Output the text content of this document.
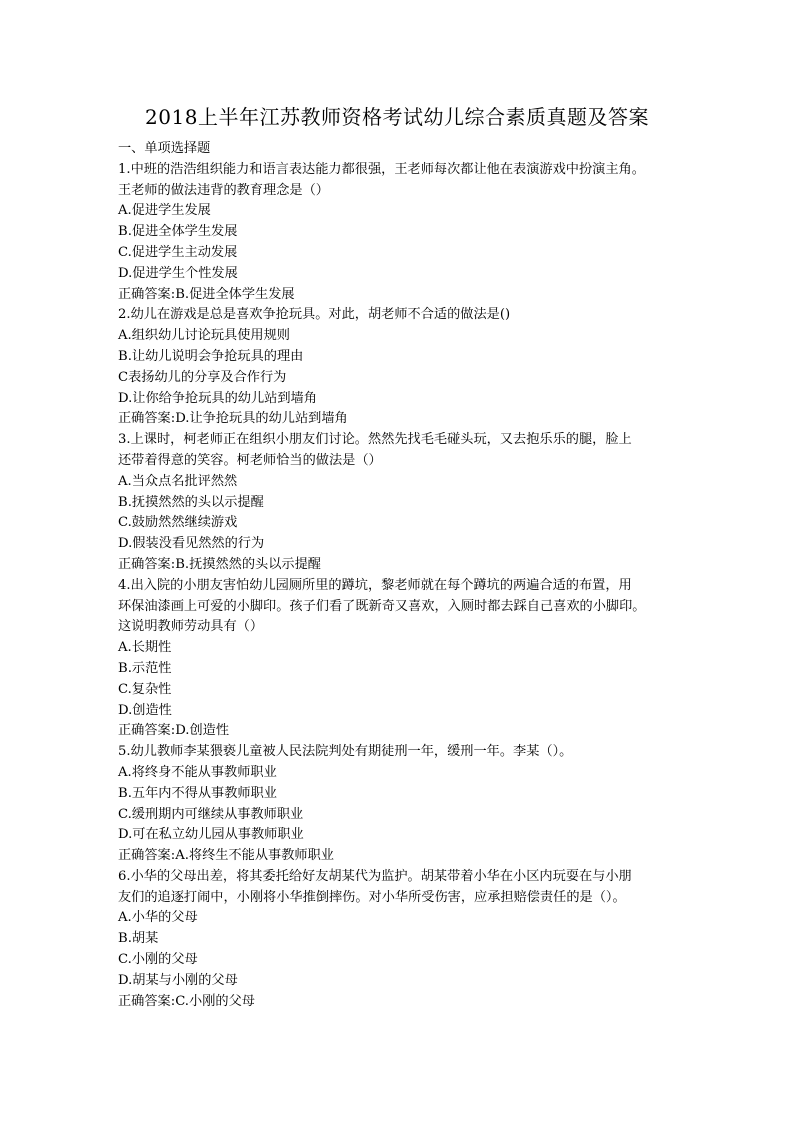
2018上半年江苏教师资格考试幼儿综合素质真题及答案
一、单项选择题
1.中班的浩浩组织能力和语言表达能力都很强，王老师每次都让他在表演游戏中扮演主角。
王老师的做法违背的教育理念是（）
A.促进学生发展
B.促进全体学生发展
C.促进学生主动发展
D.促进学生个性发展
正确答案:B.促进全体学生发展
2.幼儿在游戏是总是喜欢争抢玩具。对此，胡老师不合适的做法是()
A.组织幼儿讨论玩具使用规则
B.让幼儿说明会争抢玩具的理由
C表扬幼儿的分享及合作行为
D.让你给争抢玩具的幼儿站到墙角
正确答案:D.让争抢玩具的幼儿站到墙角
3.上课时，柯老师正在组织小朋友们讨论。然然先找毛毛碰头玩，又去抱乐乐的腿，脸上
还带着得意的笑容。柯老师恰当的做法是（）
A.当众点名批评然然
B.抚摸然然的头以示提醒
C.鼓励然然继续游戏
D.假装没看见然然的行为
正确答案:B.抚摸然然的头以示提醒
4.出入院的小朋友害怕幼儿园厕所里的蹲坑，黎老师就在每个蹲坑的两遍合适的布置，用
环保油漆画上可爱的小脚印。孩子们看了既新奇又喜欢，入厕时都去踩自己喜欢的小脚印。
这说明教师劳动具有（）
A.长期性
B.示范性
C.复杂性
D.创造性
正确答案:D.创造性
5.幼儿教师李某猥亵儿童被人民法院判处有期徒刑一年，缓刑一年。李某（）。
A.将终身不能从事教师职业
B.五年内不得从事教师职业
C.缓刑期内可继续从事教师职业
D.可在私立幼儿园从事教师职业
正确答案:A.将终生不能从事教师职业
6.小华的父母出差，将其委托给好友胡某代为监护。胡某带着小华在小区内玩耍在与小朋
友们的追逐打闹中，小刚将小华推倒摔伤。对小华所受伤害，应承担赔偿责任的是（）。
A.小华的父母
B.胡某
C.小刚的父母
D.胡某与小刚的父母
正确答案:C.小刚的父母
